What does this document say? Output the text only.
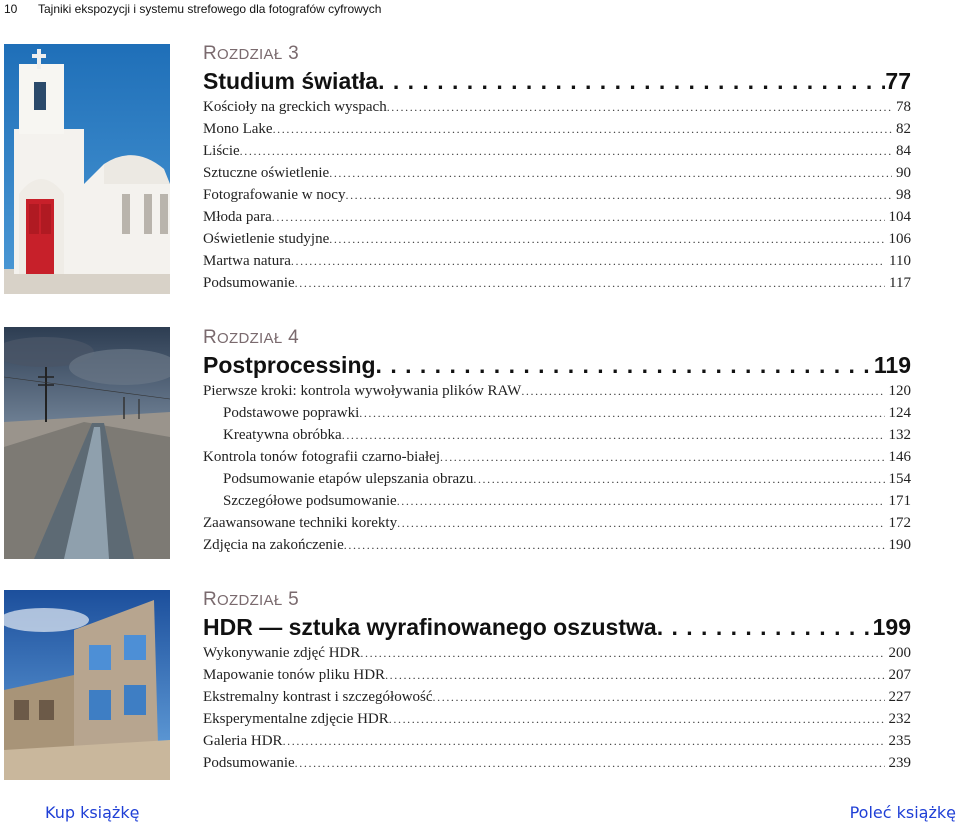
10 Tajniki ekspozycji i systemu strefowego dla fotografów cyfrowych
ROZDZIAŁ 3
Studium światła . . .	77
Kościoły na greckich wyspach .....	78
Mono Lake .....	82
Liście .....	84
Sztuczne oświetlenie .....	90
Fotografowanie w nocy .....	98
Młoda para .....	104
Oświetlenie studyjne .....	106
Martwa natura .....	110
Podsumowanie .....	117
ROZDZIAŁ 4
Postprocessing . . .	119
Pierwsze kroki: kontrola wywoływania plików RAW .....	120
Podstawowe poprawki .....	124
Kreatywna obróbka .....	132
Kontrola tonów fotografii czarno-białej .....	146
Podsumowanie etapów ulepszania obrazu .....	154
Szczegółowe podsumowanie .....	171
Zaawansowane techniki korekty .....	172
Zdjęcia na zakończenie .....	190
ROZDZIAŁ 5
HDR — sztuka wyrafinowanego oszustwa . . .	199
Wykonywanie zdjęć HDR .....	200
Mapowanie tonów pliku HDR .....	207
Ekstremalny kontrast i szczegółowość .....	227
Eksperymentalne zdjęcie HDR .....	232
Galeria HDR .....	235
Podsumowanie .....	239
Kup książkę	Poleć książkę
